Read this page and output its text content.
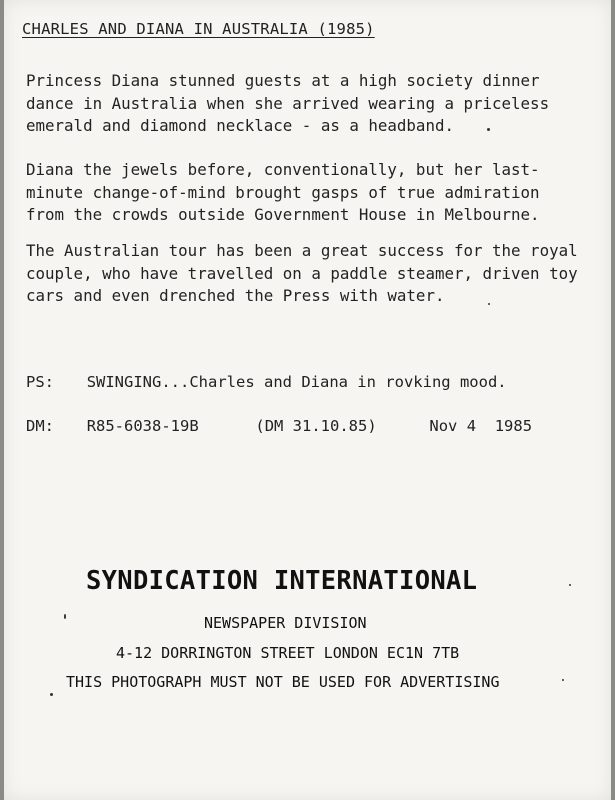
CHARLES AND DIANA IN AUSTRALIA (1985)
Princess Diana stunned guests at a high society dinner dance in Australia when she arrived wearing a priceless emerald and diamond necklace - as a headband.
Diana the jewels before, conventionally, but her last-minute change-of-mind brought gasps of true admiration from the crowds outside Government House in Melbourne.
The Australian tour has been a great success for the royal couple, who have travelled on a paddle steamer, driven toy cars and even drenched the Press with water.
PS: SWINGING...Charles and Diana in rovking mood.
DM: R85-6038-19B	(DM 31.10.85)	Nov 4  1985
SYNDICATION INTERNATIONAL
NEWSPAPER DIVISION
4-12 DORRINGTON STREET LONDON EC1N 7TB
THIS PHOTOGRAPH MUST NOT BE USED FOR ADVERTISING
